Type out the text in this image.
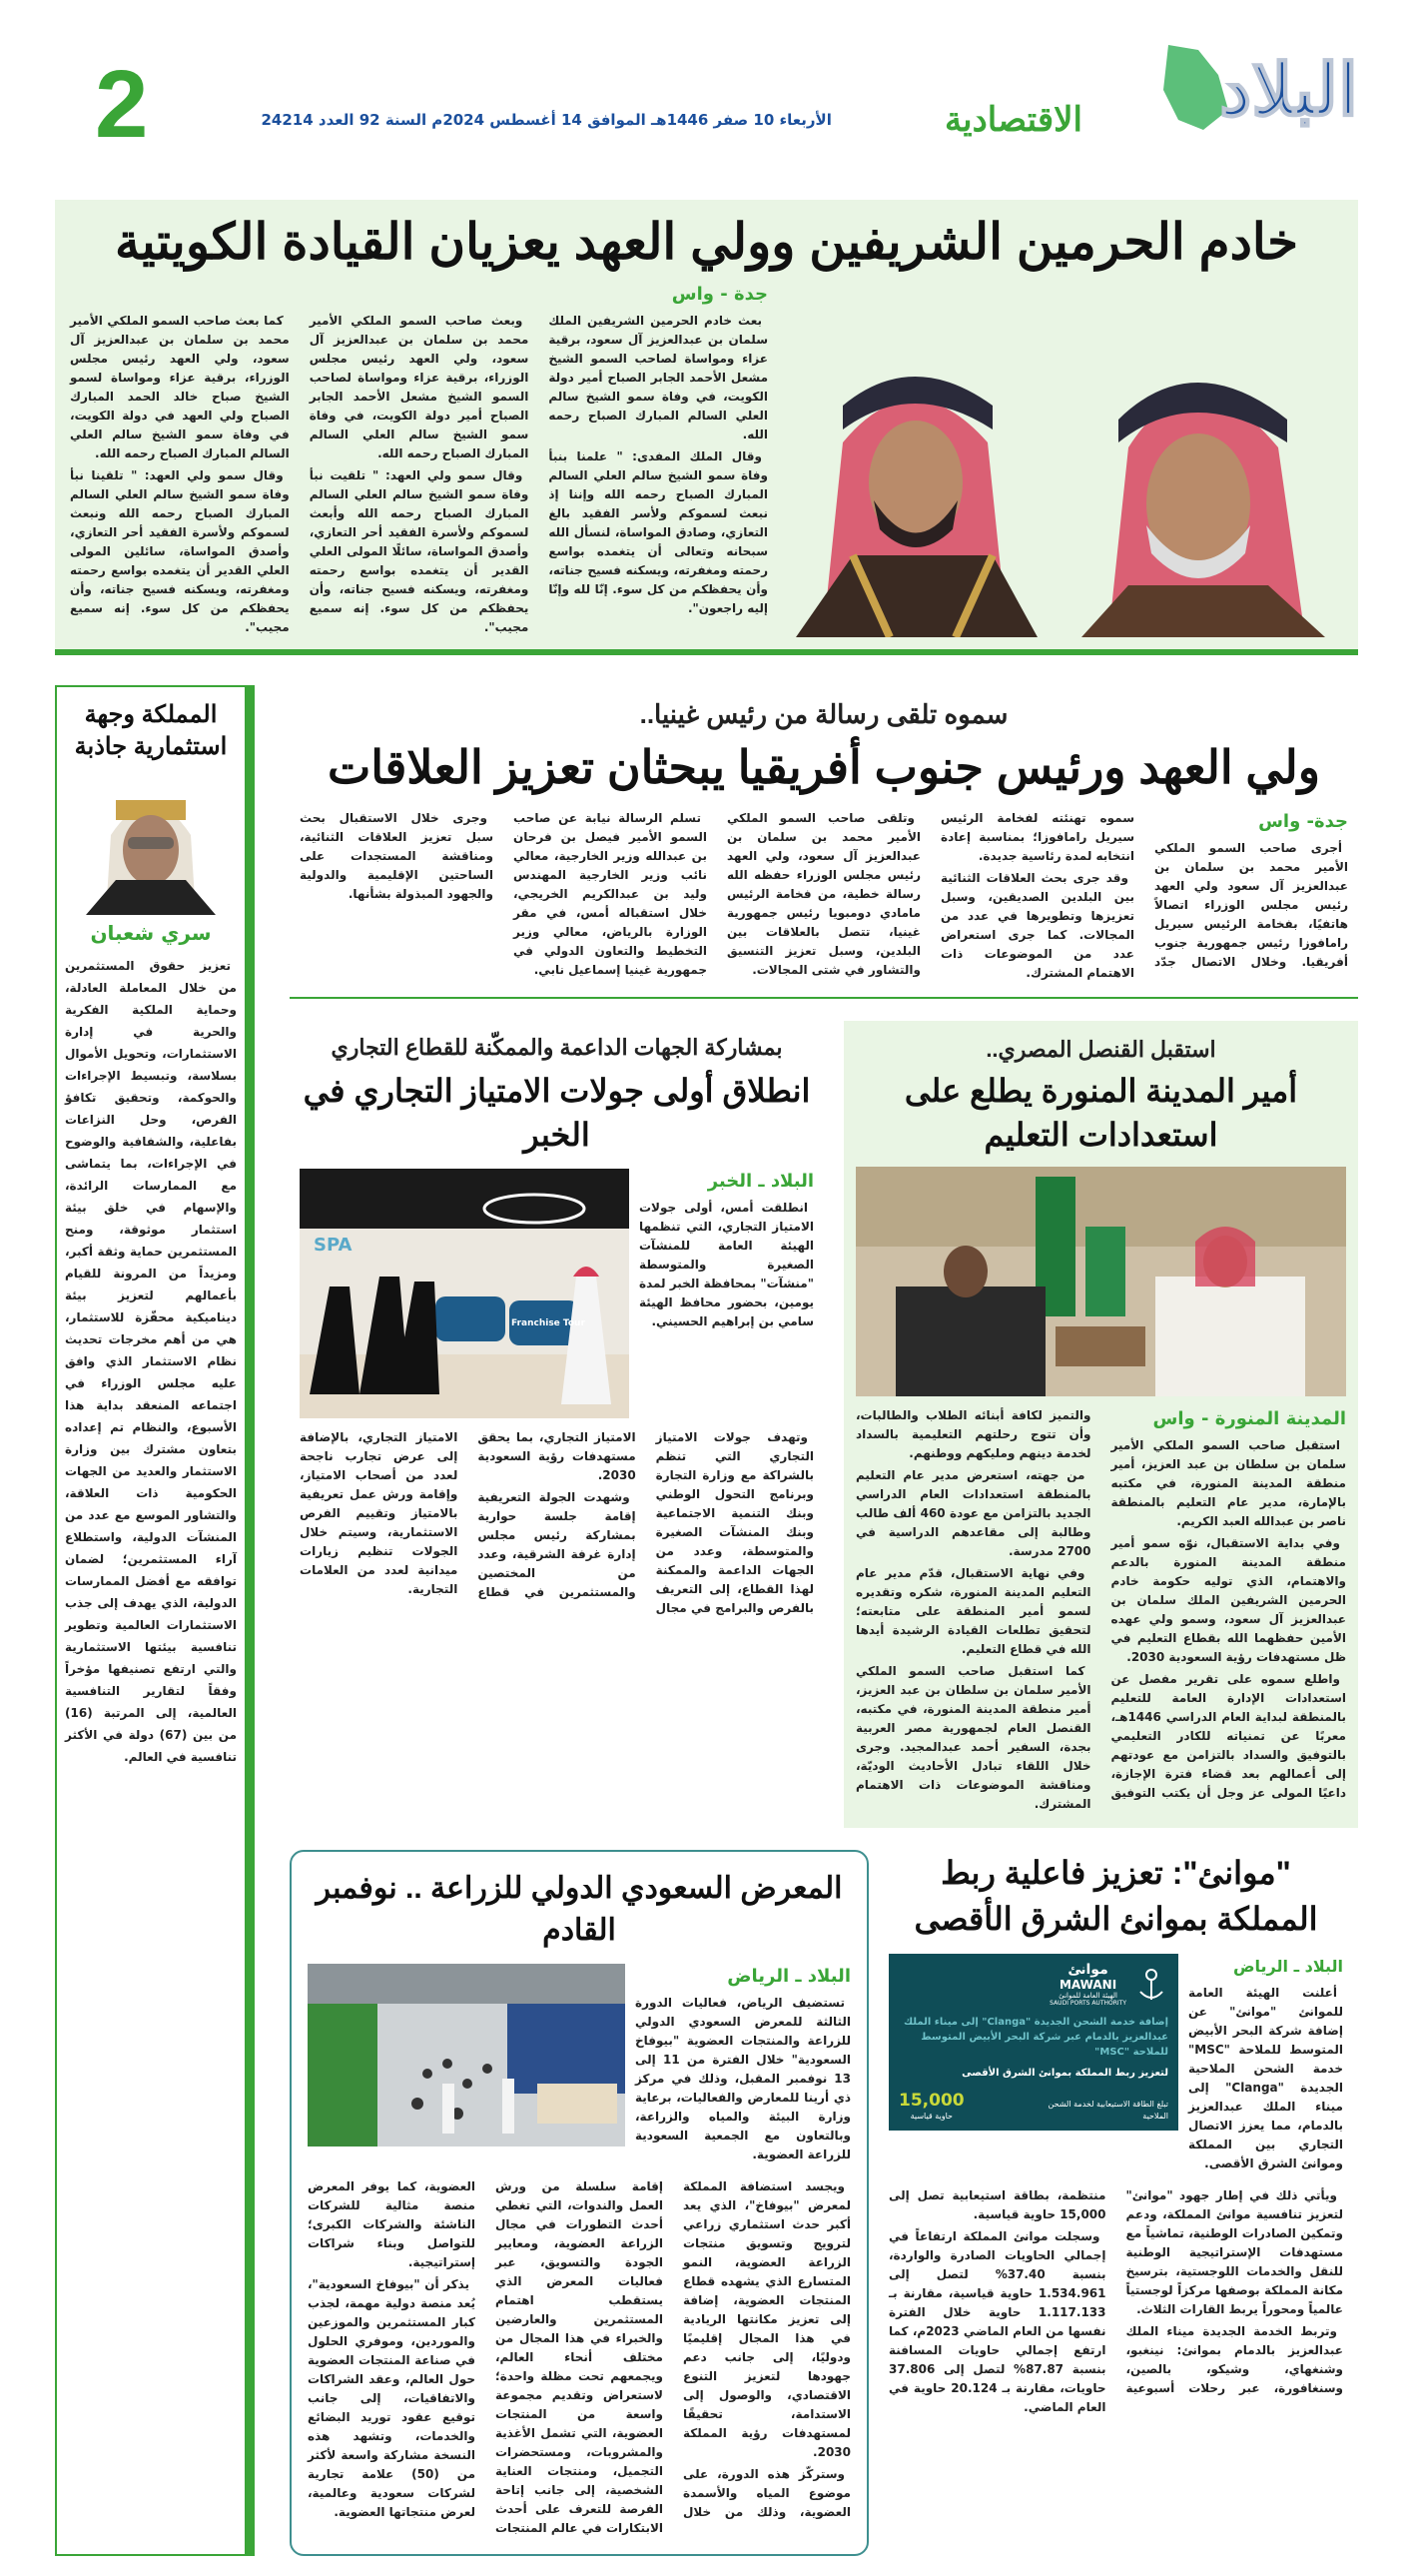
2	الأربعاء 10 صفر 1446هـ الموافق 14 أغسطس 2024م السنة 92 العدد 24214	البلاد
الاقتصادية
خادم الحرمين الشريفين وولي العهد يعزيان القيادة الكويتية
جدة - واس

بعث خادم الحرمين الشريفين الملك سلمان بن عبدالعزيز آل سعود، برقية عزاء ومواساة لصاحب السمو الشيخ مشعل الأحمد الجابر الصباح أمير دولة الكويت، في وفاة سمو الشيخ سالم العلي السالم المبارك الصباح رحمه الله.

وقال الملك المفدى: " علمنا بنبأ وفاة سمو الشيخ سالم العلي السالم المبارك الصباح رحمه الله وإننا إذ نبعث لسموكم ولأسر الفقيد بالغ التعازي، وصادق المواساة، لنسأل الله سبحانه وتعالى أن يتغمده بواسع رحمته ومغفرته، ويسكنه فسيح جناته، وأن يحفظكم من كل سوء. إنّا لله وإنّا إليه راجعون".

وبعث صاحب السمو الملكي الأمير محمد بن سلمان بن عبدالعزيز آل سعود، ولي العهد رئيس مجلس الوزراء، برقية عزاء ومواساة لصاحب السمو الشيخ مشعل الأحمد الجابر الصباح أمير دولة الكويت، في وفاة سمو الشيخ سالم العلي السالم المبارك الصباح رحمه الله.

وقال سمو ولي العهد: " تلقيت نبأ وفاة سمو الشيخ سالم العلي السالم المبارك الصباح رحمه الله وأبعث لسموكم ولأسرة الفقيد أحر التعازي، وأصدق المواساة، سائلًا المولى العلي القدير أن يتغمده بواسع رحمته ومغفرته، ويسكنه فسيح جناته، وأن يحفظكم من كل سوء. إنه سميع مجيب".

كما بعث صاحب السمو الملكي الأمير محمد بن سلمان بن عبدالعزيز آل سعود، ولي العهد رئيس مجلس الوزراء، برقية عزاء ومواساة لسمو الشيخ صباح خالد الحمد المبارك الصباح ولي العهد في دولة الكويت، في وفاة سمو الشيخ سالم العلي السالم المبارك الصباح رحمه الله.

وقال سمو ولي العهد: " تلقينا نبأ وفاة سمو الشيخ سالم العلي السالم المبارك الصباح رحمه الله ونبعث لسموكم ولأسرة الفقيد أحر التعازي، وأصدق المواساة، سائلين المولى العلي القدير أن يتغمده بواسع رحمته ومغفرته، ويسكنه فسيح جناته، وأن يحفظكم من كل سوء. إنه سميع مجيب".

المملكة وجهة استثمارية جاذبة
سري شعبان

تعزيز حقوق المستثمرين من خلال المعاملة العادلة، وحماية الملكية الفكرية والحرية في إدارة الاستثمارات، وتحويل الأموال بسلاسة، وتبسيط الإجراءات والحوكمة، وتحقيق تكافؤ الفرص، وحل النزاعات بفاعلية، والشفافية والوضوح في الإجراءات، بما يتماشى مع الممارسات الرائدة، والإسهام في خلق بيئة استثمار موثوقة، ومنح المستثمرين حماية وثقة أكبر، ومزيداً من المرونة للقيام بأعمالهم لتعزيز بيئة ديناميكية محفّزة للاستثمار، هي من أهم مخرجات تحديث نظام الاستثمار الذي وافق عليه مجلس الوزراء في اجتماعه المنعقد بداية هذا الأسبوع، والنظام تم إعداده بتعاون مشترك بين وزارة الاستثمار والعديد من الجهات الحكومية ذات العلاقة، والتشاور الموسع مع عدد من المنشآت الدولية، واستطلاع آراء المستثمرين؛ لضمان توافقه مع أفضل الممارسات الدولية، الذي يهدف إلى جذب الاستثمارات العالمية وتطوير تنافسية بيئتها الاستثمارية والتي ارتفع تصنيفها مؤخراً وفقاً لتقارير التنافسية العالمية، إلى المرتبة (16) من بين (67) دولة في الأكثر تنافسية في العالم.

سموه تلقى رسالة من رئيس غينيا..
ولي العهد ورئيس جنوب أفريقيا يبحثان تعزيز العلاقات
جدة- واس

أجرى صاحب السمو الملكي الأمير محمد بن سلمان بن عبدالعزيز آل سعود ولي العهد رئيس مجلس الوزراء اتصالاً هاتفيًا، بفخامة الرئيس سيريل رامافوزا رئيس جمهورية جنوب أفريقيا. وخلال الاتصال جدّد سموه تهنئته لفخامة الرئيس سيريل رامافوزا؛ بمناسبة إعادة انتخابه لمدة رئاسية جديدة.

وقد جرى بحث العلاقات الثنائية بين البلدين الصديقين، وسبل تعزيزها وتطويرها في عدد من المجالات. كما جرى استعراض عدد من الموضوعات ذات الاهتمام المشترك.

وتلقى صاحب السمو الملكي الأمير محمد بن سلمان بن عبدالعزيز آل سعود، ولي العهد رئيس مجلس الوزراء حفظه الله رسالة خطية، من فخامة الرئيس مامادي دومبويا رئيس جمهورية غينيا، تتصل بالعلاقات بين البلدين، وسبل تعزيز التنسيق والتشاور في شتى المجالات.

تسلم الرسالة نيابة عن صاحب السمو الأمير فيصل بن فرحان بن عبدالله وزير الخارجية، معالي نائب وزير الخارجية المهندس وليد بن عبدالكريم الخريجي، خلال استقباله أمس، في مقر الوزارة بالرياض، معالي وزير التخطيط والتعاون الدولي في جمهورية غينيا إسماعيل نابي.

وجرى خلال الاستقبال بحث سبل تعزيز العلاقات الثنائية، ومناقشة المستجدات على الساحتين الإقليمية والدولية والجهود المبذولة بشأنها.

بمشاركة الجهات الداعمة والممكّنة للقطاع التجاري
انطلاق أولى جولات الامتياز التجاري في الخبر
البلاد ـ الخبر

انطلقت أمس، أولى جولات الامتياز التجاري، التي تنظمها الهيئة العامة للمنشآت الصغيرة والمتوسطة "منشآت" بمحافظة الخبر لمدة يومين، بحضور محافظ الهيئة سامي بن إبراهيم الحسيني.

SPA
Franchise Tour

وتهدف جولات الامتياز التجاري التي تنظم بالشراكة مع وزارة التجارة وبرنامج التحول الوطني وبنك التنمية الاجتماعية وبنك المنشآت الصغيرة والمتوسطة، وعدد من الجهات الداعمة والممكنة لهذا القطاع، إلى التعريف بالفرص والبرامج في مجال الامتياز التجاري، بما يحقق مستهدفات رؤية السعودية 2030.

وشهدت الجولة التعريفية إقامة جلسة حوارية بمشاركة رئيس مجلس إدارة غرفة الشرقية، وعدد من المختصين والمستثمرين في قطاع الامتياز التجاري، بالإضافة إلى عرض تجارب ناجحة لعدد من أصحاب الامتياز، وإقامة ورش عمل تعريفية بالامتياز وتقييم الفرص الاستثمارية، وسيتم خلال الجولات تنظيم زيارات ميدانية لعدد من العلامات التجارية.

استقبل القنصل المصري..
أمير المدينة المنورة يطلع على استعدادات التعليم
المدينة المنورة - واس

استقبل صاحب السمو الملكي الأمير سلمان بن سلطان بن عبد العزيز، أمير منطقة المدينة المنورة، في مكتبه بالإمارة، مدير عام التعليم بالمنطقة ناصر بن عبدالله العبد الكريم.

وفي بداية الاستقبال، نوّه سمو أمير منطقة المدينة المنورة بالدعم والاهتمام، الذي توليه حكومة خادم الحرمين الشريفين الملك سلمان بن عبدالعزيز آل سعود، وسمو ولي عهده الأمين حفظهما الله بقطاع التعليم في ظل مستهدفات رؤية السعودية 2030.

واطلع سموه على تقرير مفصل عن استعدادات الإدارة العامة للتعليم بالمنطقة لبداية العام الدراسي 1446هـ، معربًا عن تمنياته للكادر التعليمي بالتوفيق والسداد بالتزامن مع عودتهم إلى أعمالهم بعد قضاء فترة الإجازة، داعيًا المولى عز وجل أن يكتب التوفيق والتميز لكافة أبنائه الطلاب والطالبات، وأن تتوج رحلتهم التعليمية بالسداد لخدمة دينهم ومليكهم ووطنهم.

من جهته، استعرض مدير عام التعليم بالمنطقة استعدادات العام الدراسي الجديد بالتزامن مع عودة 460 ألف طالب وطالبة إلى مقاعدهم الدراسية في 2700 مدرسة.

وفي نهاية الاستقبال، قدّم مدير عام التعليم المدينة المنورة، شكره وتقديره لسمو أمير المنطقة على متابعته؛ لتحقيق تطلعات القيادة الرشيدة أيدها الله في قطاع التعليم.

كما استقبل صاحب السمو الملكي الأمير سلمان بن سلطان بن عبد العزيز، أمير منطقة المدينة المنورة، في مكتبه، القنصل العام لجمهورية مصر العربية بجدة، السفير أحمد عبدالمجيد. وجرى خلال اللقاء تبادل الأحاديث الوديّة، ومناقشة الموضوعات ذات الاهتمام المشترك.

المعرض السعودي الدولي للزراعة .. نوفمبر القادم
البلاد ـ الرياض

تستضيف الرياض، فعاليات الدورة الثالثة للمعرض السعودي الدولي للزراعة والمنتجات العضوية "بيوفاخ السعودية" خلال الفترة من 11 إلى 13 نوفمبر المقبل، وذلك في مركز ذي أرينا للمعارض والفعاليات، برعاية وزارة البيئة والمياه والزراعة، وبالتعاون مع الجمعية السعودية للزراعة العضوية.

ويجسد استضافة المملكة لمعرض "بيوفاخ"، الذي يعد أكبر حدث استثماري زراعي لترويج وتسويق منتجات الزراعة العضوية، النمو المتسارع الذي يشهده قطاع المنتجات العضوية، إضافة إلى تعزيز مكانتها الريادية في هذا المجال إقليميًا ودوليًا، إلى جانب دعم جهودها لتعزيز التنوع الاقتصادي، والوصول إلى الاستدامة، تحقيقًا لمستهدفات رؤية المملكة 2030.

وستركّز هذه الدورة، على موضوع المياه والأسمدة العضوية، وذلك من خلال إقامة سلسلة من ورش العمل والندوات، التي تغطي أحدث التطورات في مجال الزراعة العضوية، ومعايير الجودة والتسويق، عبر فعاليات المعرض الذي يستقطب اهتمام المستثمرين والعارضين والخبراء في هذا المجال من مختلف أنحاء العالم، ويجمعهم تحت مظلة واحدة؛ لاستعراض وتقديم مجموعة واسعة من المنتجات العضوية، التي تشمل الأغذية والمشروبات، ومستحضرات التجميل، ومنتجات العناية الشخصية، إلى جانب إتاحة الفرصة للتعرف على أحدث الابتكارات في عالم المنتجات العضوية، كما يوفر المعرض منصة مثالية للشركات الناشئة والشركات الكبرى؛ للتواصل وبناء شراكات إستراتيجية.

يذكر أن "بيوفاخ السعودية"، يُعد منصة دولية مهمة، لجذب كبار المستثمرين والموزعين والموردين، وموفري الحلول في صناعة المنتجات العضوية حول العالم، وعقد الشراكات والاتفاقيات، إلى جانب توقيع عقود توريد البضائع والخدمات، وتشهد هذه النسخة مشاركة واسعة لأكثر من (50) علامة تجارية لشركات سعودية وعالمية، لعرض منتجاتها العضوية.

"موانئ": تعزيز فاعلية ربط المملكة بموانئ الشرق الأقصى
البلاد ـ الرياض

أعلنت الهيئة العامة للموانئ "موانئ" عن إضافة شركة البحر الأبيض المتوسط للملاحة "MSC" خدمة الشحن الملاحية الجديدة "Clanga" إلى ميناء الملك عبدالعزيز بالدمام، مما يعزز الاتصال التجاري بين المملكة وموانئ الشرق الأقصى.

موانئ
MAWANI
الهيئة العامة للموانئ
SAUDI PORTS AUTHORITY
إضافة خدمة الشحن الجديدة "Clanga" إلى ميناء الملك عبدالعزيز بالدمام عبر شركة البحر الأبيض المتوسط للملاحة "MSC"
لتعزيز ربط المملكة بموانئ الشرق الأقصى
تبلغ الطاقة الاستيعابية لخدمة الشحن الملاحية
15,000
حاوية قياسية

ويأتي ذلك في إطار جهود "موانئ" لتعزيز تنافسية موانئ المملكة، ودعم وتمكين الصادرات الوطنية، تماشياً مع مستهدفات الإستراتيجية الوطنية للنقل والخدمات اللوجستية، بترسيخ مكانة المملكة بوصفها مركزاً لوجستياً عالمياً ومحوراً يربط القارات الثلاث.

وتربط الخدمة الجديدة ميناء الملك عبدالعزيز بالدمام بموانئ: نينغبو، وشنغهاي، وشيكو، بالصين، وسنغافورة، عبر رحلات أسبوعية منتظمة، بطاقة استيعابية تصل إلى 15,000 حاوية قياسية.

وسجلت موانئ المملكة ارتفاعاً في إجمالي الحاويات الصادرة والواردة، بنسبة 37.40% لتصل إلى 1.534.961 حاوية قياسية، مقارنة بـ 1.117.133 حاوية خلال الفترة نفسها من العام الماضي 2023م، كما ارتفع إجمالي حاويات المسافنة بنسبة 87.87% لتصل إلى 37.806 حاويات، مقارنة بـ 20.124 حاوية في العام الماضي.
